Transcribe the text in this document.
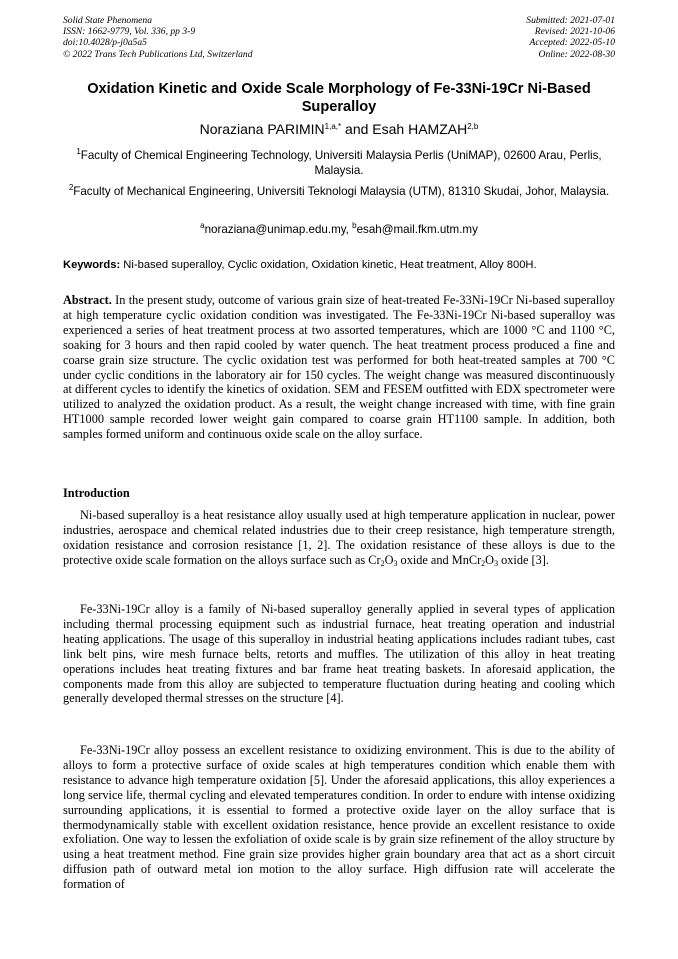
Solid State Phenomena
ISSN: 1662-9779, Vol. 336, pp 3-9
doi:10.4028/p-j0a5a5
© 2022 Trans Tech Publications Ltd, Switzerland
Submitted: 2021-07-01
Revised: 2021-10-06
Accepted: 2022-05-10
Online: 2022-08-30
Oxidation Kinetic and Oxide Scale Morphology of Fe-33Ni-19Cr Ni-Based Superalloy
Noraziana $PARIMIN^{1,a,*}$ and Esah HAMZAH$^{2,b}$
$^1$Faculty of Chemical Engineering Technology, Universiti Malaysia Perlis (UniMAP), 02600 Arau, Perlis, Malaysia.
$^2$Faculty of Mechanical Engineering, Universiti Teknologi Malaysia (UTM), 81310 Skudai, Johor, Malaysia.
$^a$noraziana@unimap.edu.my, $^b$esah@mail.fkm.utm.my
Keywords: Ni-based superalloy, Cyclic oxidation, Oxidation kinetic, Heat treatment, Alloy 800H.
Abstract. In the present study, outcome of various grain size of heat-treated Fe-33Ni-19Cr Ni-based superalloy at high temperature cyclic oxidation condition was investigated. The Fe-33Ni-19Cr Ni-based superalloy was experienced a series of heat treatment process at two assorted temperatures, which are 1000 °C and 1100 °C, soaking for 3 hours and then rapid cooled by water quench. The heat treatment process produced a fine and coarse grain size structure. The cyclic oxidation test was performed for both heat-treated samples at 700 °C under cyclic conditions in the laboratory air for 150 cycles. The weight change was measured discontinuously at different cycles to identify the kinetics of oxidation. SEM and FESEM outfitted with EDX spectrometer were utilized to analyzed the oxidation product. As a result, the weight change increased with time, with fine grain HT1000 sample recorded lower weight gain compared to coarse grain HT1100 sample. In addition, both samples formed uniform and continuous oxide scale on the alloy surface.
Introduction

Ni-based superalloy is a heat resistance alloy usually used at high temperature application in nuclear, power industries, aerospace and chemical related industries due to their creep resistance, high temperature strength, oxidation resistance and corrosion resistance [1, 2]. The oxidation resistance of these alloys is due to the protective oxide scale formation on the alloys surface such as $Cr_2O_3$ oxide and $MnCr_2O_3$ oxide [3].

Fe-33Ni-19Cr alloy is a family of Ni-based superalloy generally applied in several types of application including thermal processing equipment such as industrial furnace, heat treating operation and industrial heating applications. The usage of this superalloy in industrial heating applications includes radiant tubes, cast link belt pins, wire mesh furnace belts, retorts and muffles. The utilization of this alloy in heat treating operations includes heat treating fixtures and bar frame heat treating baskets. In aforesaid application, the components made from this alloy are subjected to temperature fluctuation during heating and cooling which generally developed thermal stresses on the structure [4].

Fe-33Ni-19Cr alloy possess an excellent resistance to oxidizing environment. This is due to the ability of alloys to form a protective surface of oxide scales at high temperatures condition which enable them with resistance to advance high temperature oxidation [5]. Under the aforesaid applications, this alloy experiences a long service life, thermal cycling and elevated temperatures condition. In order to endure with intense oxidizing surrounding applications, it is essential to formed a protective oxide layer on the alloy surface that is thermodynamically stable with excellent oxidation resistance, hence provide an excellent resistance to oxide exfoliation. One way to lessen the exfoliation of oxide scale is by grain size refinement of the alloy structure by using a heat treatment method. Fine grain size provides higher grain boundary area that act as a short circuit diffusion path of outward metal ion motion to the alloy surface. High diffusion rate will accelerate the formation of
